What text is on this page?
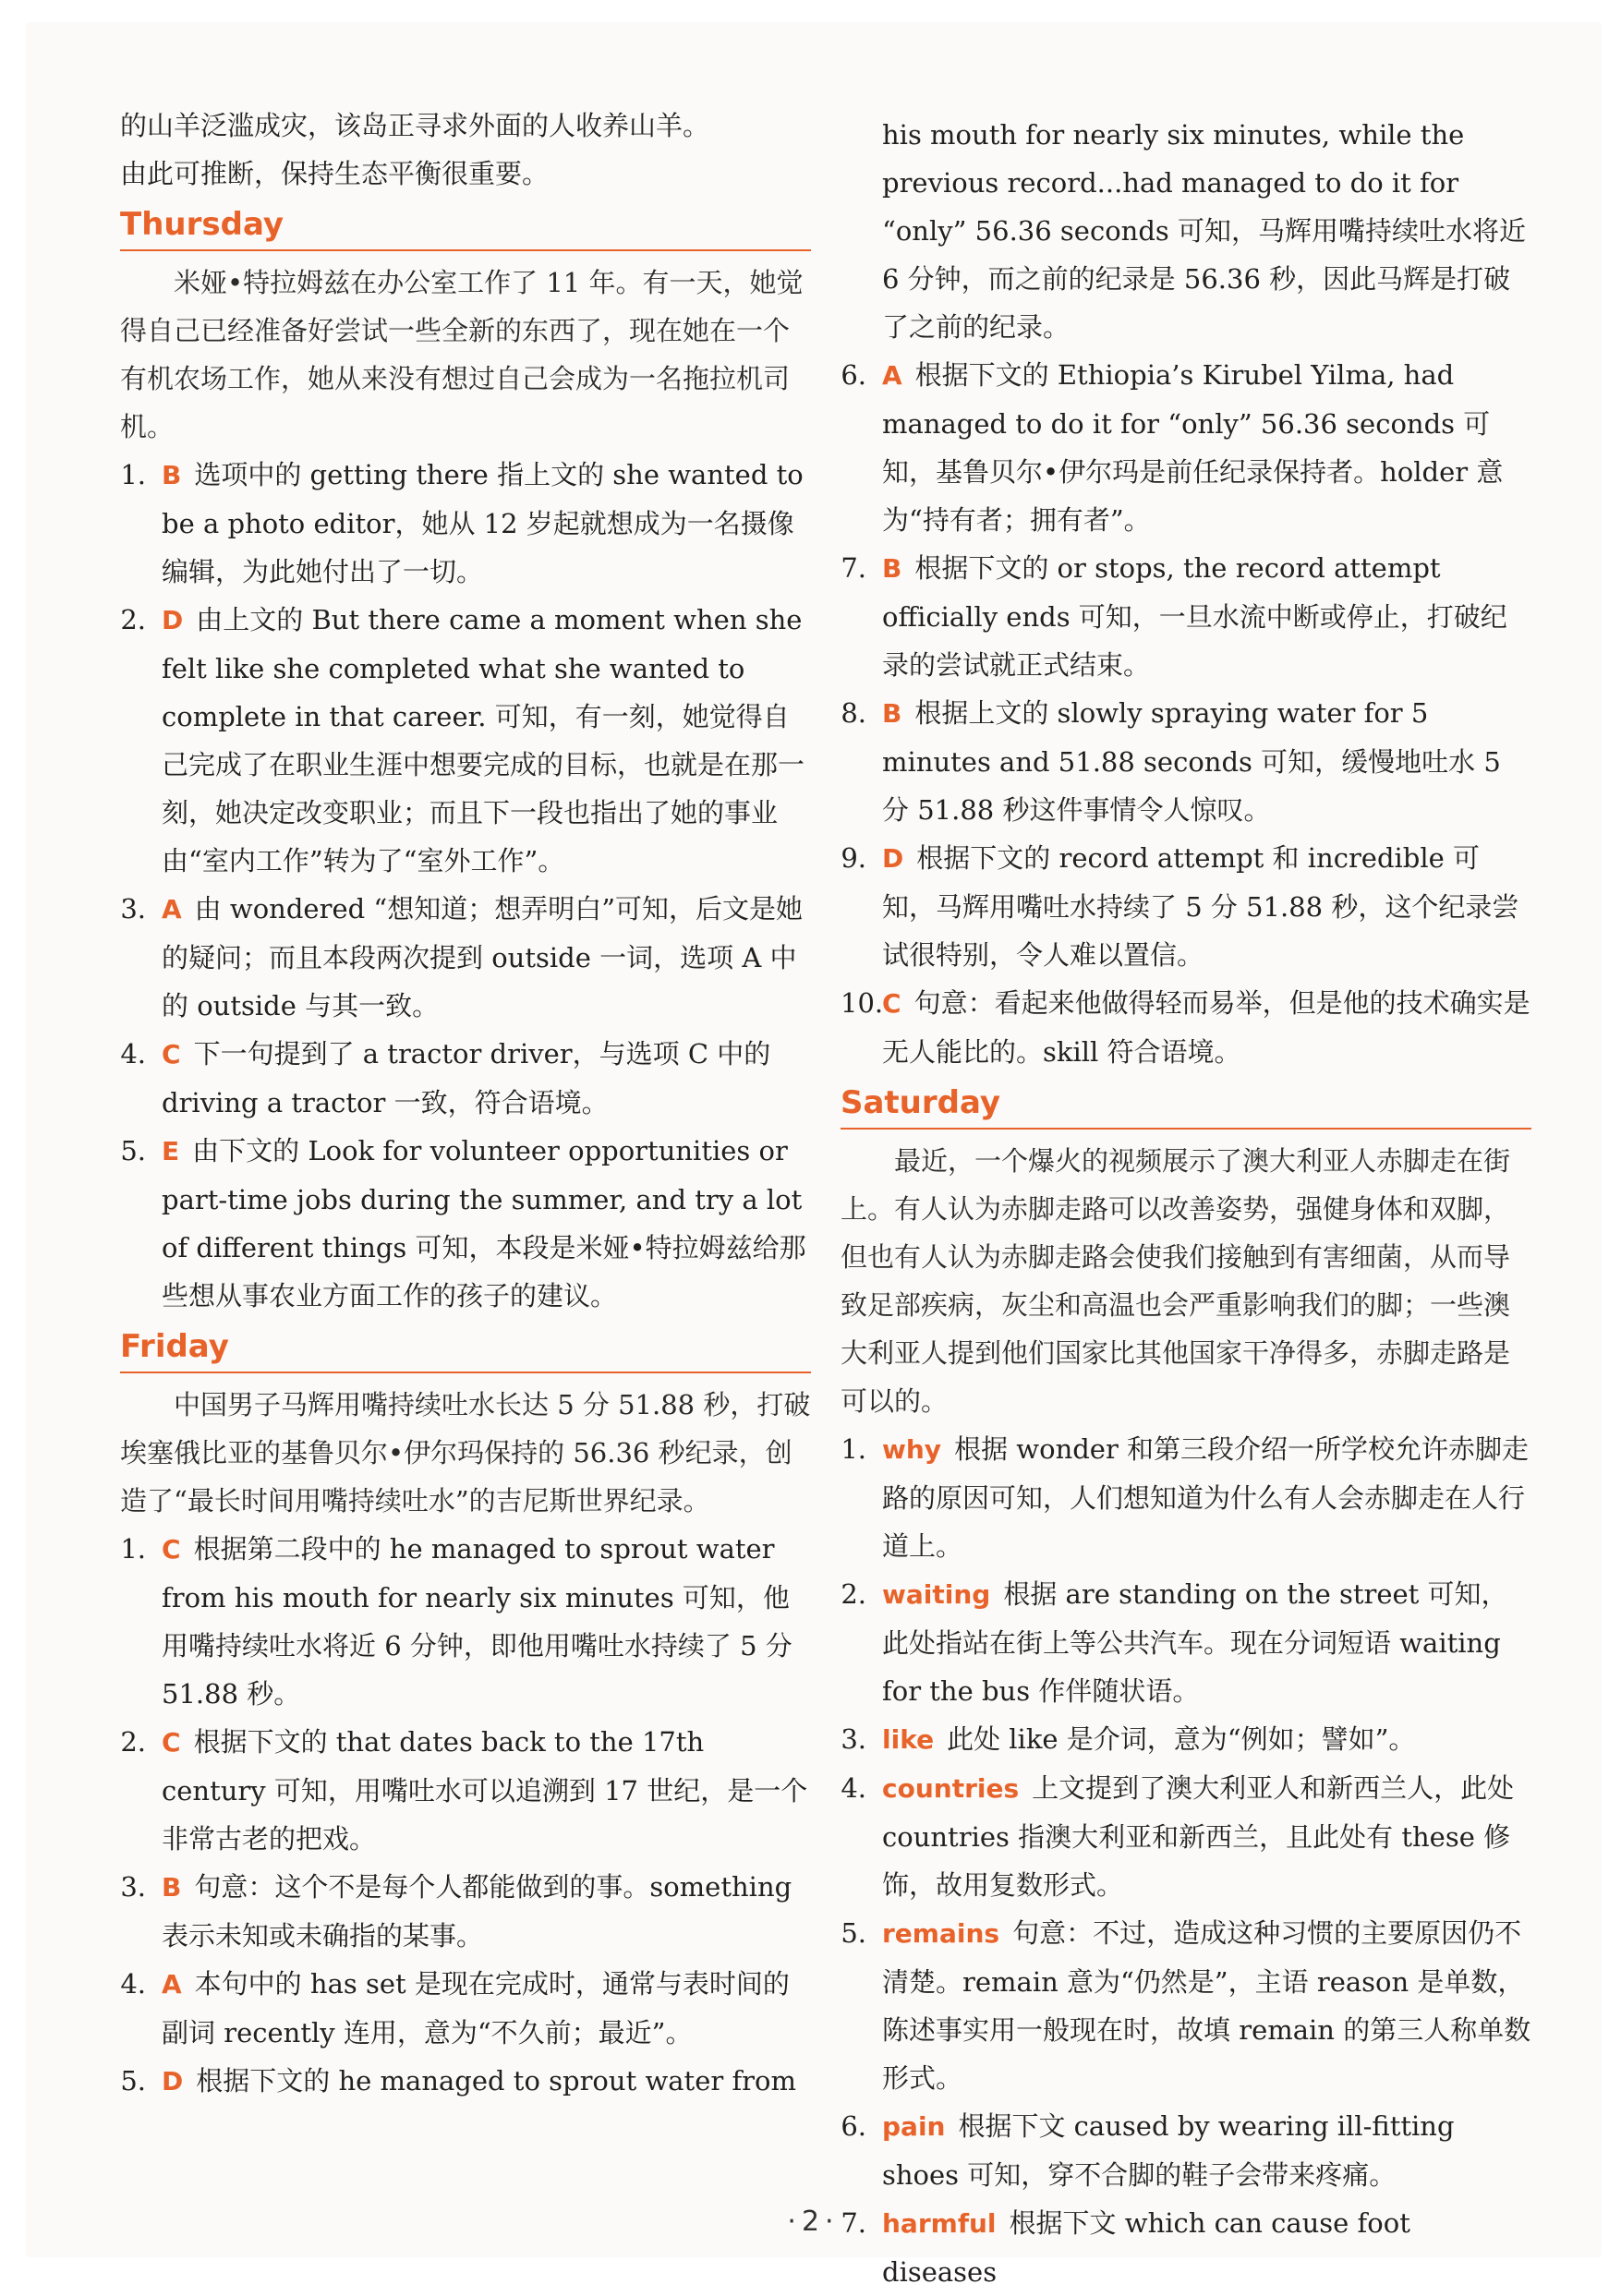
的山羊泛滥成灾，该岛正寻求外面的人收养山羊。

由此可推断，保持生态平衡很重要。

Thursday

米娅•特拉姆兹在办公室工作了 11 年。有一天，她觉得自己已经准备好尝试一些全新的东西了，现在她在一个有机农场工作，她从来没有想过自己会成为一名拖拉机司机。

1. B 选项中的 getting there 指上文的 she wanted to be a photo editor，她从 12 岁起就想成为一名摄像编辑，为此她付出了一切。
2. D 由上文的 But there came a moment when she felt like she completed what she wanted to complete in that career. 可知，有一刻，她觉得自己完成了在职业生涯中想要完成的目标，也就是在那一刻，她决定改变职业；而且下一段也指出了她的事业由“室内工作”转为了“室外工作”。
3. A 由 wondered “想知道；想弄明白”可知，后文是她的疑问；而且本段两次提到 outside 一词，选项 A 中的 outside 与其一致。
4. C 下一句提到了 a tractor driver，与选项 C 中的 driving a tractor 一致，符合语境。
5. E 由下文的 Look for volunteer opportunities or part-time jobs during the summer, and try a lot of different things 可知，本段是米娅•特拉姆兹给那些想从事农业方面工作的孩子的建议。
Friday

中国男子马辉用嘴持续吐水长达 5 分 51.88 秒，打破埃塞俄比亚的基鲁贝尔•伊尔玛保持的 56.36 秒纪录，创造了“最长时间用嘴持续吐水”的吉尼斯世界纪录。

1. C 根据第二段中的 he managed to sprout water from his mouth for nearly six minutes 可知，他用嘴持续吐水将近 6 分钟，即他用嘴吐水持续了 5 分 51.88 秒。
2. C 根据下文的 that dates back to the 17th century 可知，用嘴吐水可以追溯到 17 世纪，是一个非常古老的把戏。
3. B 句意：这个不是每个人都能做到的事。something 表示未知或未确指的某事。
4. A 本句中的 has set 是现在完成时，通常与表时间的副词 recently 连用，意为“不久前；最近”。
5. D 根据下文的 he managed to sprout water from

his mouth for nearly six minutes, while the previous record...had managed to do it for “only” 56.36 seconds 可知，马辉用嘴持续吐水将近 6 分钟，而之前的纪录是 56.36 秒，因此马辉是打破了之前的纪录。

6. A 根据下文的 Ethiopia’s Kirubel Yilma, had managed to do it for “only” 56.36 seconds 可知，基鲁贝尔•伊尔玛是前任纪录保持者。holder 意为“持有者；拥有者”。
7. B 根据下文的 or stops, the record attempt officially ends 可知，一旦水流中断或停止，打破纪录的尝试就正式结束。
8. B 根据上文的 slowly spraying water for 5 minutes and 51.88 seconds 可知，缓慢地吐水 5 分 51.88 秒这件事情令人惊叹。
9. D 根据下文的 record attempt 和 incredible 可知，马辉用嘴吐水持续了 5 分 51.88 秒，这个纪录尝试很特别，令人难以置信。
10.
C 句意：看起来他做得轻而易举，但是他的技术确实是无人能比的。skill 符合语境。
Saturday

最近，一个爆火的视频展示了澳大利亚人赤脚走在街上。有人认为赤脚走路可以改善姿势，强健身体和双脚，但也有人认为赤脚走路会使我们接触到有害细菌，从而导致足部疾病，灰尘和高温也会严重影响我们的脚；一些澳大利亚人提到他们国家比其他国家干净得多，赤脚走路是可以的。

1. why 根据 wonder 和第三段介绍一所学校允许赤脚走路的原因可知，人们想知道为什么有人会赤脚走在人行道上。
2. waiting 根据 are standing on the street 可知，此处指站在街上等公共汽车。现在分词短语 waiting for the bus 作伴随状语。
3. like 此处 like 是介词，意为“例如；譬如”。
4. countries 上文提到了澳大利亚人和新西兰人，此处 countries 指澳大利亚和新西兰，且此处有 these 修饰，故用复数形式。
5. remains 句意：不过，造成这种习惯的主要原因仍不清楚。remain 意为“仍然是”，主语 reason 是单数，陈述事实用一般现在时，故填 remain 的第三人称单数形式。
6. pain 根据下文 caused by wearing ill-fitting shoes 可知，穿不合脚的鞋子会带来疼痛。
7. harmful 根据下文 which can cause foot diseases
· 2 ·
